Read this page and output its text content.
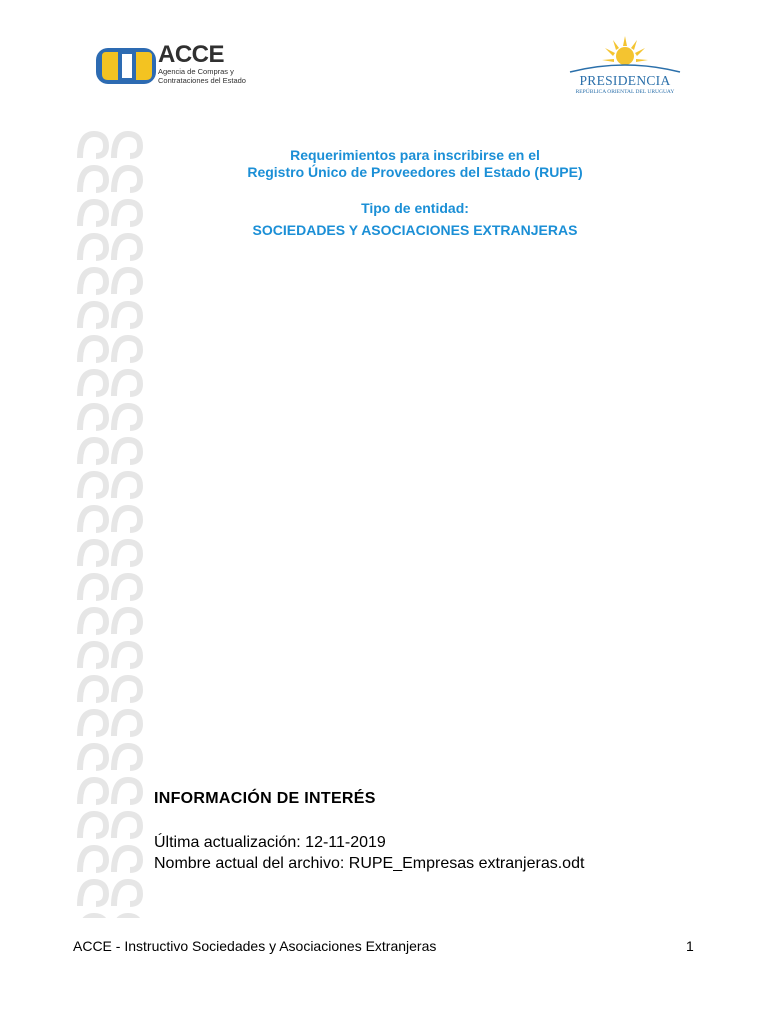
ACCE
Agencia de Compras y Contrataciones del Estado	PRESIDENCIA
REPÚBLICA ORIENTAL DEL URUGUAY
Requerimientos para inscribirse en el
Registro Único de Proveedores del Estado (RUPE)
Tipo de entidad:
SOCIEDADES Y ASOCIACIONES EXTRANJERAS
INFORMACIÓN DE INTERÉS
Última actualización: 12-11-2019
Nombre actual del archivo: RUPE_Empresas extranjeras.odt
ACCE - Instructivo Sociedades y Asociaciones Extranjeras	1
